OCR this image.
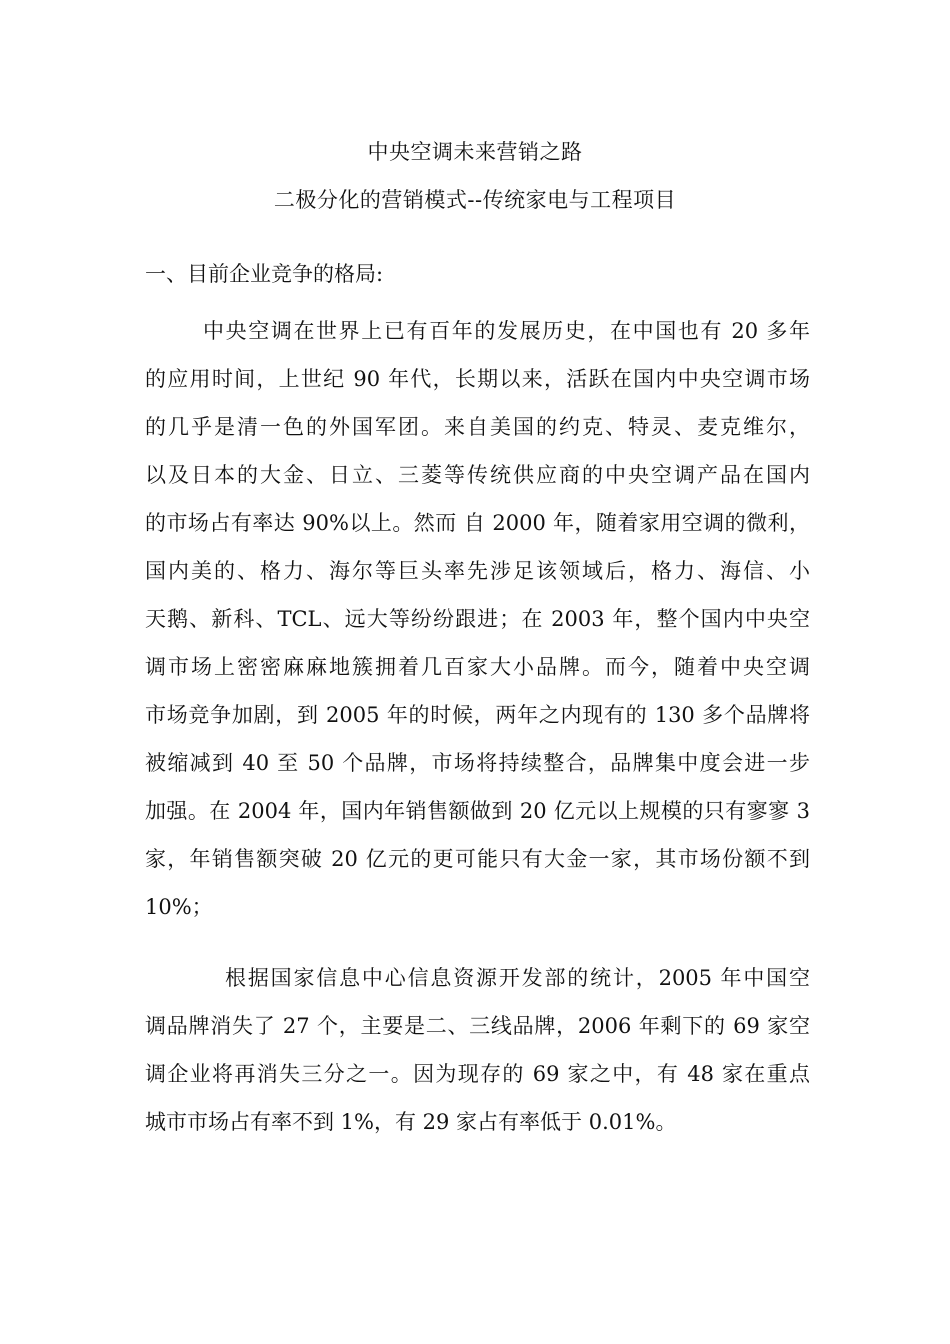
中央空调未来营销之路
二极分化的营销模式--传统家电与工程项目
一、目前企业竞争的格局:
中央空调在世界上已有百年的发展历史，在中国也有 20 多年
的应用时间，上世纪 90 年代，长期以来，活跃在国内中央空调市场
的几乎是清一色的外国军团。来自美国的约克、特灵、麦克维尔，
以及日本的大金、日立、三菱等传统供应商的中央空调产品在国内
的市场占有率达 90%以上。然而 自 2000 年，随着家用空调的微利，
国内美的、格力、海尔等巨头率先涉足该领域后，格力、海信、小
天鹅、新科、TCL、远大等纷纷跟进；在 2003 年，整个国内中央空
调市场上密密麻麻地簇拥着几百家大小品牌。而今，随着中央空调
市场竞争加剧，到 2005 年的时候，两年之内现有的 130 多个品牌将
被缩减到 40 至 50 个品牌，市场将持续整合，品牌集中度会进一步
加强。在 2004 年，国内年销售额做到 20 亿元以上规模的只有寥寥 3
家，年销售额突破 20 亿元的更可能只有大金一家，其市场份额不到
10%；
根据国家信息中心信息资源开发部的统计，2005 年中国空
调品牌消失了 27 个，主要是二、三线品牌，2006 年剩下的 69 家空
调企业将再消失三分之一。因为现存的 69 家之中，有 48 家在重点
城市市场占有率不到 1%，有 29 家占有率低于 0.01%。
